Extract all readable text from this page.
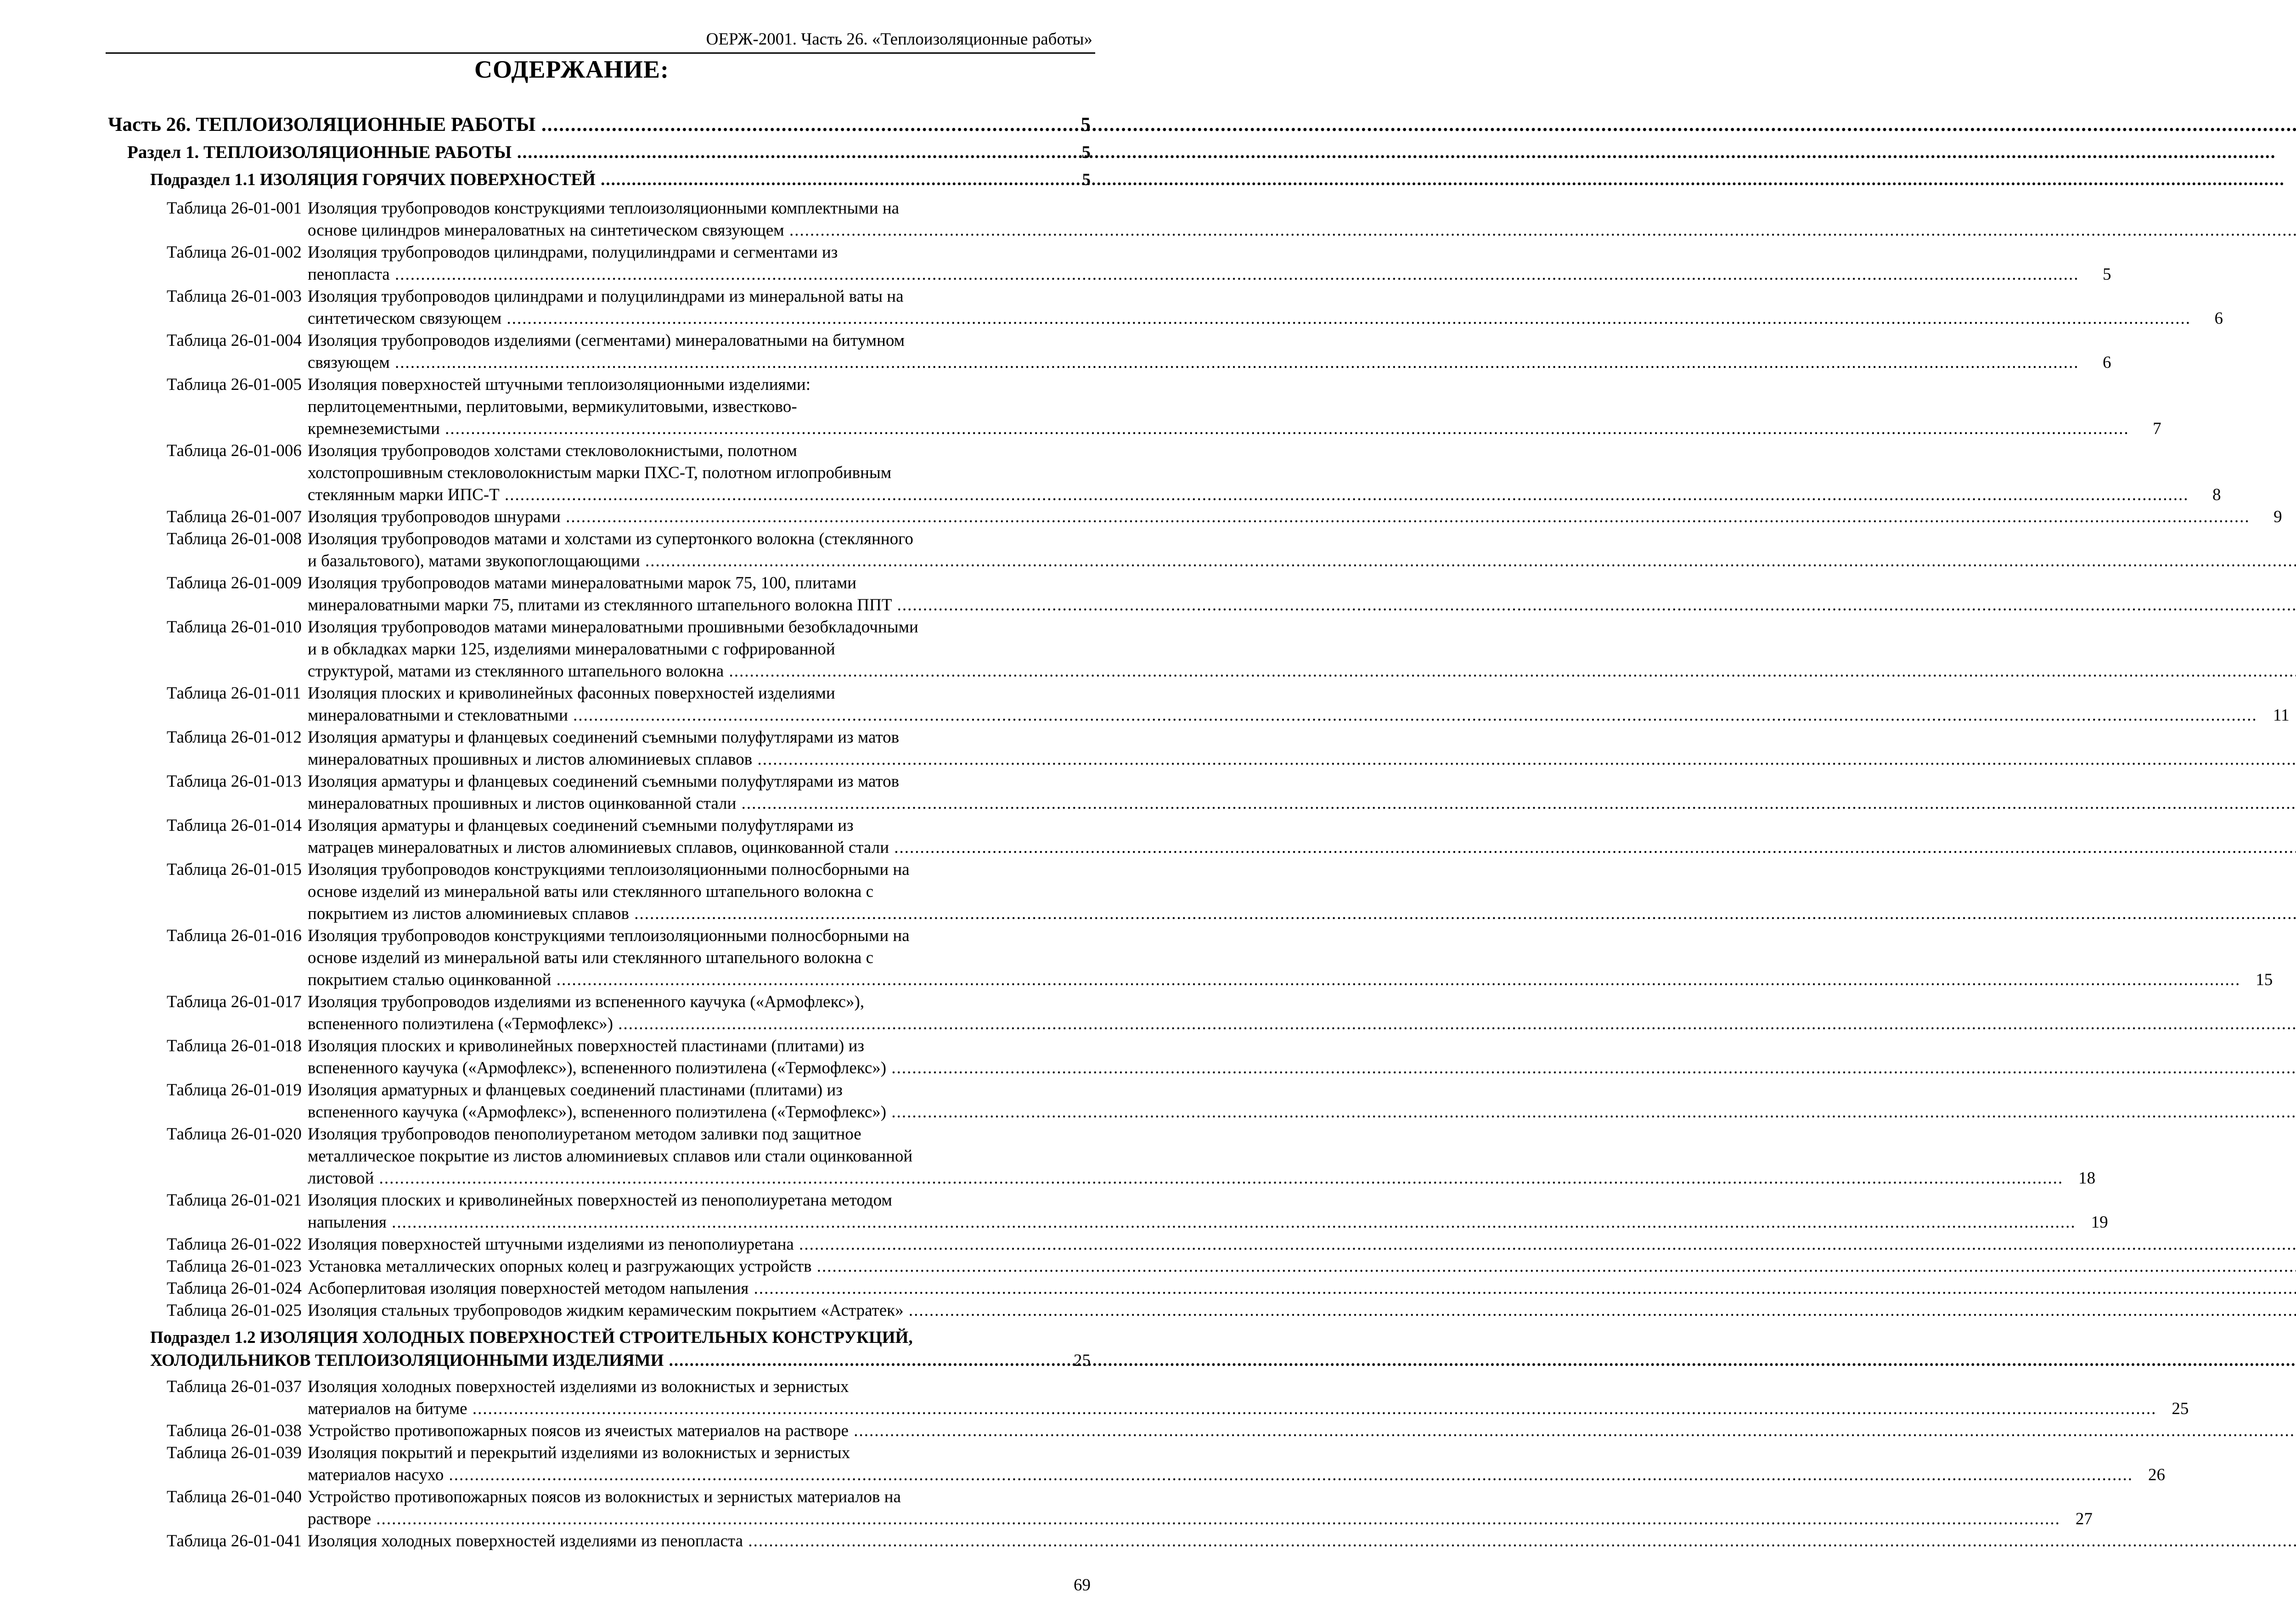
ОЕРЖ-2001. Часть 26. «Теплоизоляционные работы»
СОДЕРЖАНИЕ:
Часть 26. ТЕПЛОИЗОЛЯЦИОННЫЕ РАБОТЫ .....	5
Раздел 1. ТЕПЛОИЗОЛЯЦИОННЫЕ РАБОТЫ .....	5
Подраздел 1.1 ИЗОЛЯЦИЯ ГОРЯЧИХ ПОВЕРХНОСТЕЙ .....	5
Таблица 26-01-001 Изоляция трубопроводов конструкциями теплоизоляционными комплектными на
основе цилиндров минераловатных на синтетическом связующем .....
Таблица 26-01-002 Изоляция трубопроводов цилиндрами, полуцилиндрами и сегментами из
пенопласта .....	5
Таблица 26-01-003 Изоляция трубопроводов цилиндрами и полуцилиндрами из минеральной ваты на
синтетическом связующем .....	6
Таблица 26-01-004 Изоляция трубопроводов изделиями (сегментами) минераловатными на битумном
связующем .....	6
Таблица 26-01-005 Изоляция поверхностей штучными теплоизоляционными изделиями:
перлитоцементными, перлитовыми, вермикулитовыми, известково-
кремнеземистыми .....	7
Таблица 26-01-006 Изоляция трубопроводов холстами стекловолокнистыми, полотном
холстопрошивным стекловолокнистым марки ПХС-Т, полотном иглопробивным
стеклянным марки ИПС-Т .....	8
Таблица 26-01-007 Изоляция трубопроводов шнурами .....	9
Таблица 26-01-008 Изоляция трубопроводов матами и холстами из супертонкого волокна (стеклянного
и базальтового), матами звукопоглощающими .....
Таблица 26-01-009 Изоляция трубопроводов матами минераловатными марок 75, 100, плитами
минераловатными марки 75, плитами из стеклянного штапельного волокна ППТ .....
Таблица 26-01-010 Изоляция трубопроводов матами минераловатными прошивными безобкладочными
и в обкладках марки 125, изделиями минераловатными с гофрированной
структурой, матами из стеклянного штапельного волокна .....
Таблица 26-01-011 Изоляция плоских и криволинейных фасонных поверхностей изделиями
минераловатными и стекловатными .....	11
Таблица 26-01-012 Изоляция арматуры и фланцевых соединений съемными полуфутлярами из матов
минераловатных прошивных и листов алюминиевых сплавов .....
Таблица 26-01-013 Изоляция арматуры и фланцевых соединений съемными полуфутлярами из матов
минераловатных прошивных и листов оцинкованной стали .....
Таблица 26-01-014 Изоляция арматуры и фланцевых соединений съемными полуфутлярами из
матрацев минераловатных и листов алюминиевых сплавов, оцинкованной стали .....
Таблица 26-01-015 Изоляция трубопроводов конструкциями теплоизоляционными полносборными на
основе изделий из минеральной ваты или стеклянного штапельного волокна с
покрытием из листов алюминиевых сплавов .....
Таблица 26-01-016 Изоляция трубопроводов конструкциями теплоизоляционными полносборными на
основе изделий из минеральной ваты или стеклянного штапельного волокна с
покрытием сталью оцинкованной .....	15
Таблица 26-01-017 Изоляция трубопроводов изделиями из вспененного каучука («Армофлекс»),
вспененного полиэтилена («Термофлекс») .....
Таблица 26-01-018 Изоляция плоских и криволинейных поверхностей пластинами (плитами) из
вспененного каучука («Армофлекс»), вспененного полиэтилена («Термофлекс») .....
Таблица 26-01-019 Изоляция арматурных и фланцевых соединений пластинами (плитами) из
вспененного каучука («Армофлекс»), вспененного полиэтилена («Термофлекс») .....
Таблица 26-01-020 Изоляция трубопроводов пенополиуретаном методом заливки под защитное
металлическое покрытие из листов алюминиевых сплавов или стали оцинкованной
листовой .....	18
Таблица 26-01-021 Изоляция плоских и криволинейных поверхностей из пенополиуретана методом
напыления .....	19
Таблица 26-01-022 Изоляция поверхностей штучными изделиями из пенополиуретана .....
Таблица 26-01-023 Установка металлических опорных колец и разгружающих устройств .....
Таблица 26-01-024 Асбоперлитовая изоляция поверхностей методом напыления .....
Таблица 26-01-025 Изоляция стальных трубопроводов жидким керамическим покрытием «Астратек» .....
Подраздел 1.2 ИЗОЛЯЦИЯ ХОЛОДНЫХ ПОВЕРХНОСТЕЙ СТРОИТЕЛЬНЫХ КОНСТРУКЦИЙ,
ХОЛОДИЛЬНИКОВ ТЕПЛОИЗОЛЯЦИОННЫМИ ИЗДЕЛИЯМИ .....	25
Таблица 26-01-037 Изоляция холодных поверхностей изделиями из волокнистых и зернистых
материалов на битуме .....	25
Таблица 26-01-038 Устройство противопожарных поясов из ячеистых материалов на растворе .....
Таблица 26-01-039 Изоляция покрытий и перекрытий изделиями из волокнистых и зернистых
материалов насухо .....	26
Таблица 26-01-040 Устройство противопожарных поясов из волокнистых и зернистых материалов на
растворе .....	27
Таблица 26-01-041 Изоляция холодных поверхностей изделиями из пенопласта .....
69
